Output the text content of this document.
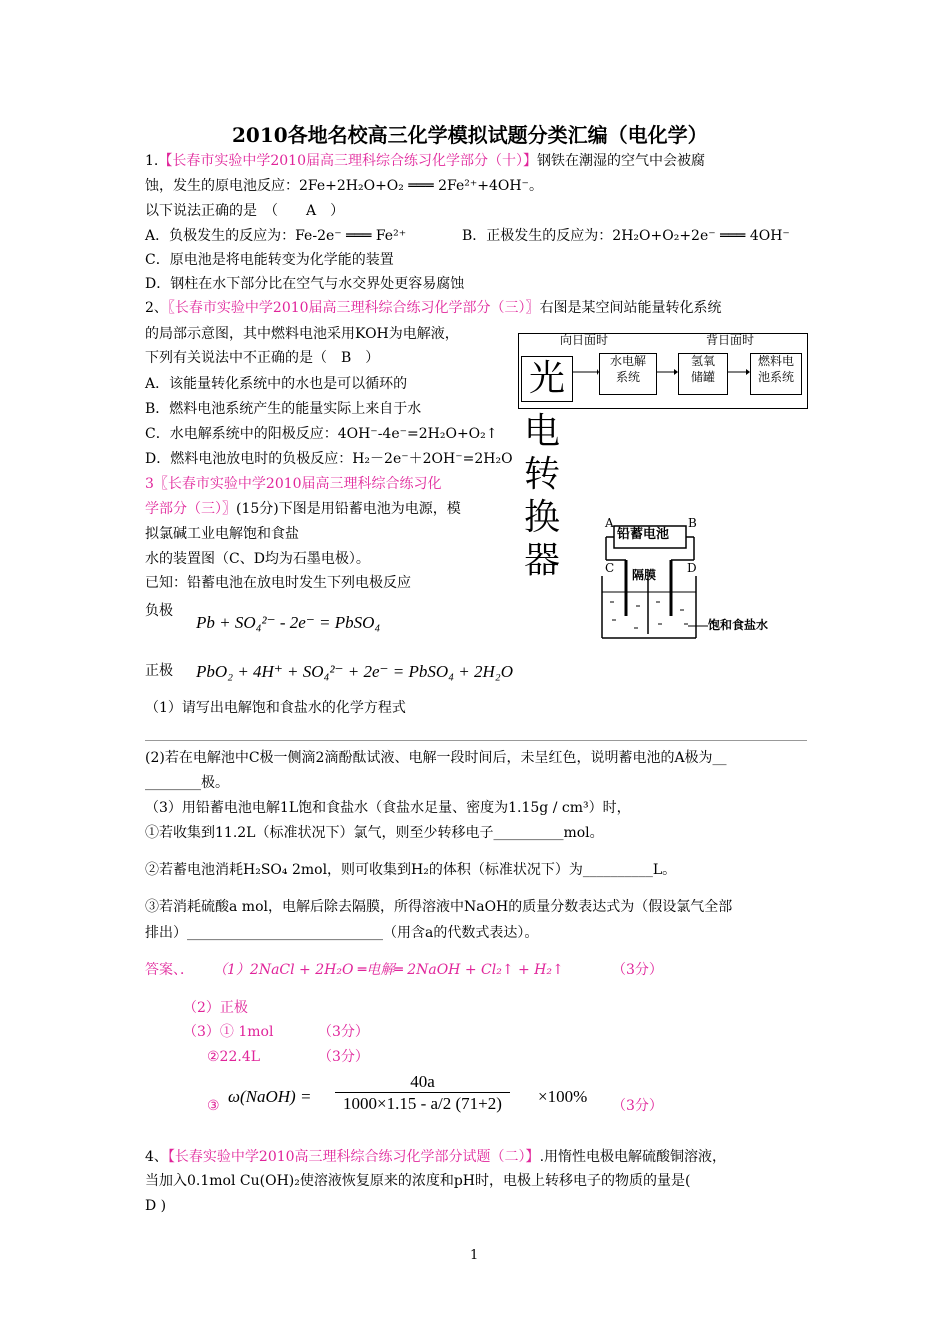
2010各地名校高三化学模拟试题分类汇编（电化学）
1.【长春市实验中学2010届高三理科综合练习化学部分（十）】钢铁在潮湿的空气中会被腐
蚀，发生的原电池反应：2Fe+2H₂O+O₂ ═══ 2Fe²⁺+4OH⁻。
以下说法正确的是　（　　A　）
A．负极发生的反应为：Fe-2e⁻ ═══ Fe²⁺	B．正极发生的反应为：2H₂O+O₂+2e⁻ ═══ 4OH⁻
C．原电池是将电能转变为化学能的装置
D．钢柱在水下部分比在空气与水交界处更容易腐蚀
2、〖长春市实验中学2010届高三理科综合练习化学部分（三）〗右图是某空间站能量转化系统
的局部示意图，其中燃料电池采用KOH为电解液，
下列有关说法中不正确的是（　B　）
A．该能量转化系统中的水也是可以循环的
B．燃料电池系统产生的能量实际上来自于水
C．水电解系统中的阳极反应：4OH⁻-4e⁻=2H₂O+O₂↑
D．燃料电池放电时的负极反应：H₂－2e⁻＋2OH⁻=2H₂O
向日面时	背日面时
光	水电解
系统
氢氧
储罐
燃料电
池系统
电
转
换
器
3〖长春市实验中学2010届高三理科综合练习化
学部分（三）〗(15分)下图是用铅蓄电池为电源，模
拟氯碱工业电解饱和食盐
水的装置图（C、D均为石墨电极）。
已知：铅蓄电池在放电时发生下列电极反应
负极
Pb + SO₄²⁻ - 2e⁻ = PbSO₄
正极 PbO₂ + 4H⁺ + SO₄²⁻ + 2e⁻ = PbSO₄ + 2H₂O
（1）请写出电解饱和食盐水的化学方程式
(2)若在电解池中C极一侧滴2滴酚酞试液、电解一段时间后，未呈红色，说明蓄电池的A极为__
________极。
（3）用铅蓄电池电解1L饱和食盐水（食盐水足量、密度为1.15g / cm³）时，
①若收集到11.2L（标准状况下）氯气，则至少转移电子__________mol。
②若蓄电池消耗H₂SO₄ 2mol，则可收集到H₂的体积（标准状况下）为__________L。
③若消耗硫酸a mol，电解后除去隔膜，所得溶液中NaOH的质量分数表达式为（假设氯气全部
排出）____________________________（用含a的代数式表达）。
A	B
铅蓄电池
C	D
隔膜
饱和食盐水
答案、． （1）2NaCl + 2H₂O ═电解═ 2NaOH + Cl₂↑ + H₂↑	（3分）
（2）正极
（3）① 1mol	（3分）
②22.4L	（3分）
③ ω(NaOH) = $\frac{40a}{1000\times 1.15 - a/2 (71+2)} \times 100\%$ （3分）
4、【长春实验中学2010高三理科综合练习化学部分试题（二）】.用惰性电极电解硫酸铜溶液，
当加入0.1mol Cu(OH)₂使溶液恢复原来的浓度和pH时，电极上转移电子的物质的量是(
D )
1
